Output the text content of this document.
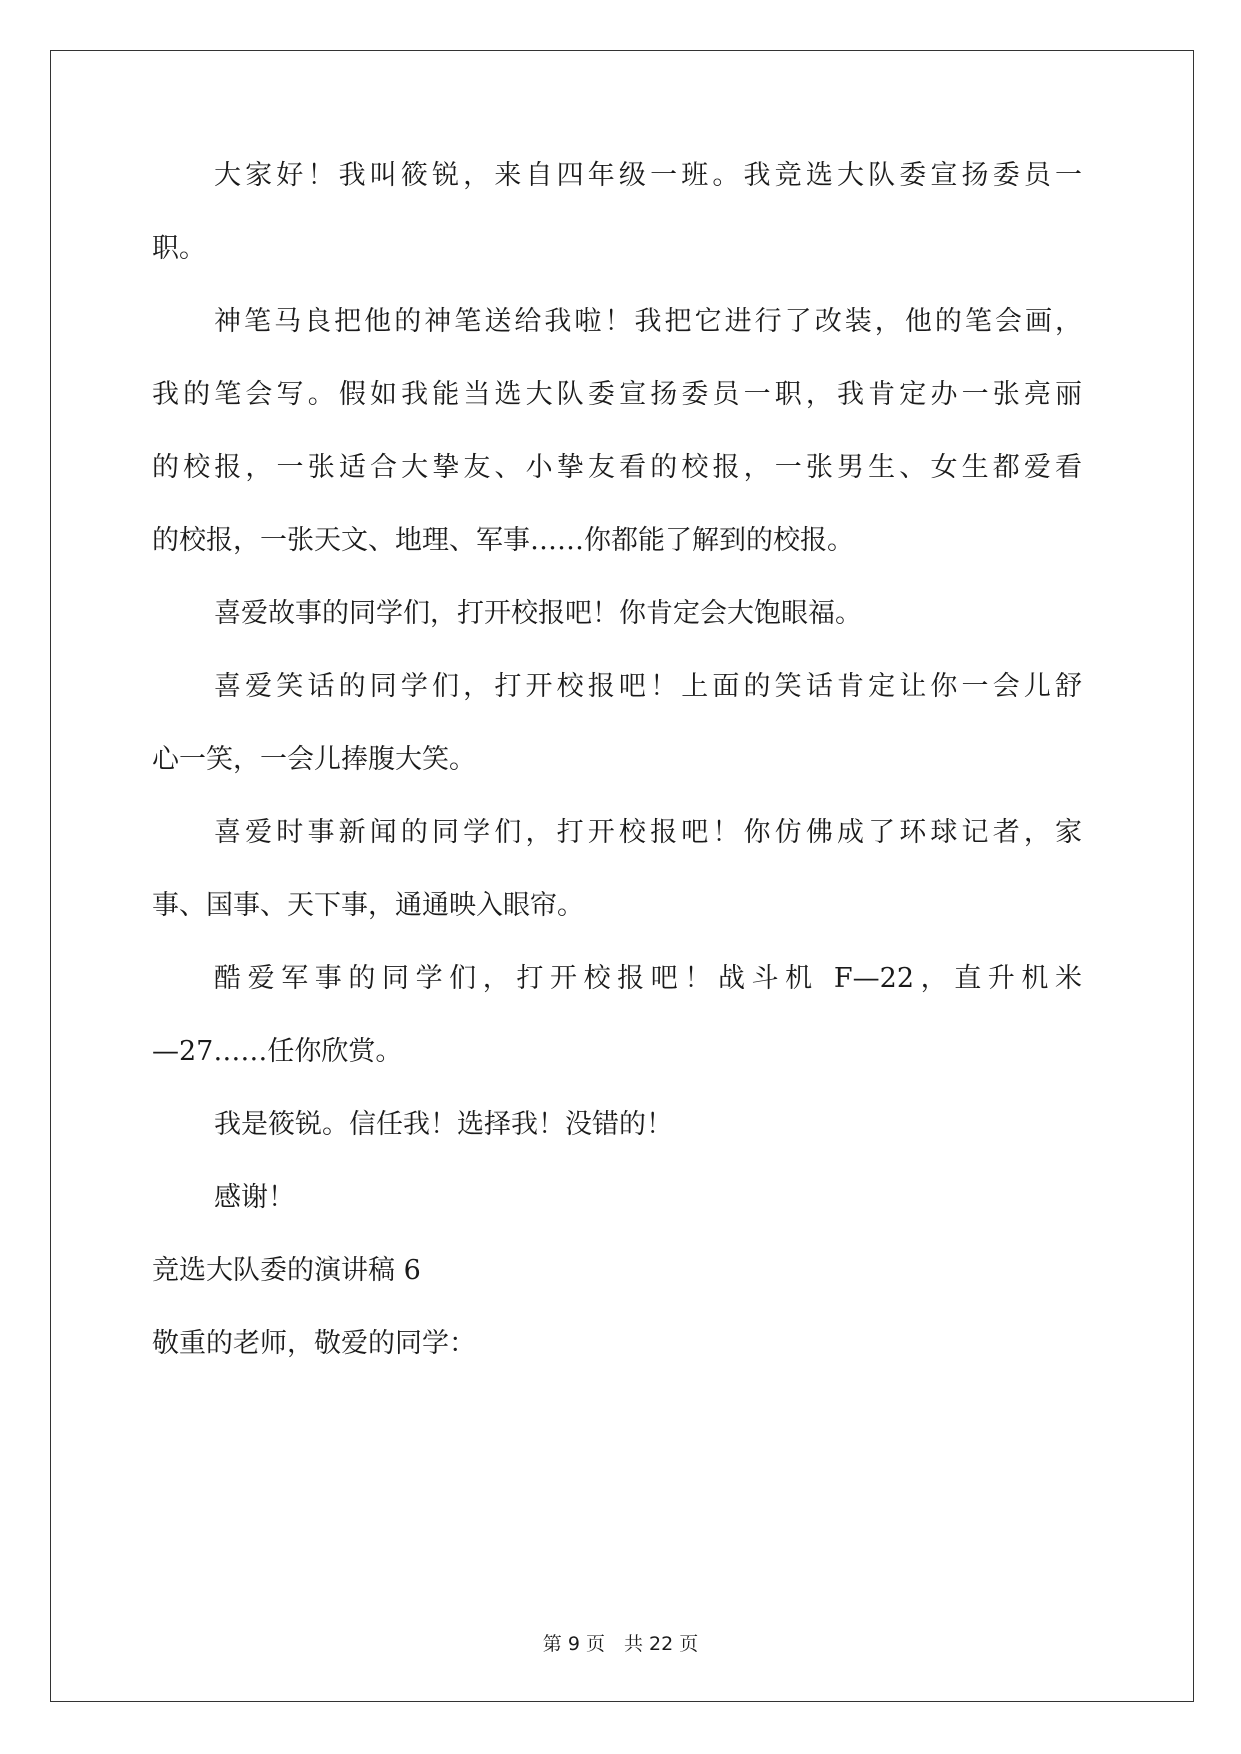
大家好！我叫筱锐，来自四年级一班。我竞选大队委宣扬委员一
职。
神笔马良把他的神笔送给我啦！我把它进行了改装，他的笔会画，
我的笔会写。假如我能当选大队委宣扬委员一职，我肯定办一张亮丽
的校报，一张适合大挚友、小挚友看的校报，一张男生、女生都爱看
的校报，一张天文、地理、军事……你都能了解到的校报。
喜爱故事的同学们，打开校报吧！你肯定会大饱眼福。
喜爱笑话的同学们，打开校报吧！上面的笑话肯定让你一会儿舒
心一笑，一会儿捧腹大笑。
喜爱时事新闻的同学们，打开校报吧！你仿佛成了环球记者，家
事、国事、天下事，通通映入眼帘。
酷爱军事的同学们，打开校报吧！战斗机 F—22，直升机米
—27……任你欣赏。
我是筱锐。信任我！选择我！没错的！
感谢！
竞选大队委的演讲稿 6
敬重的老师，敬爱的同学：
第 9 页　共 22 页
